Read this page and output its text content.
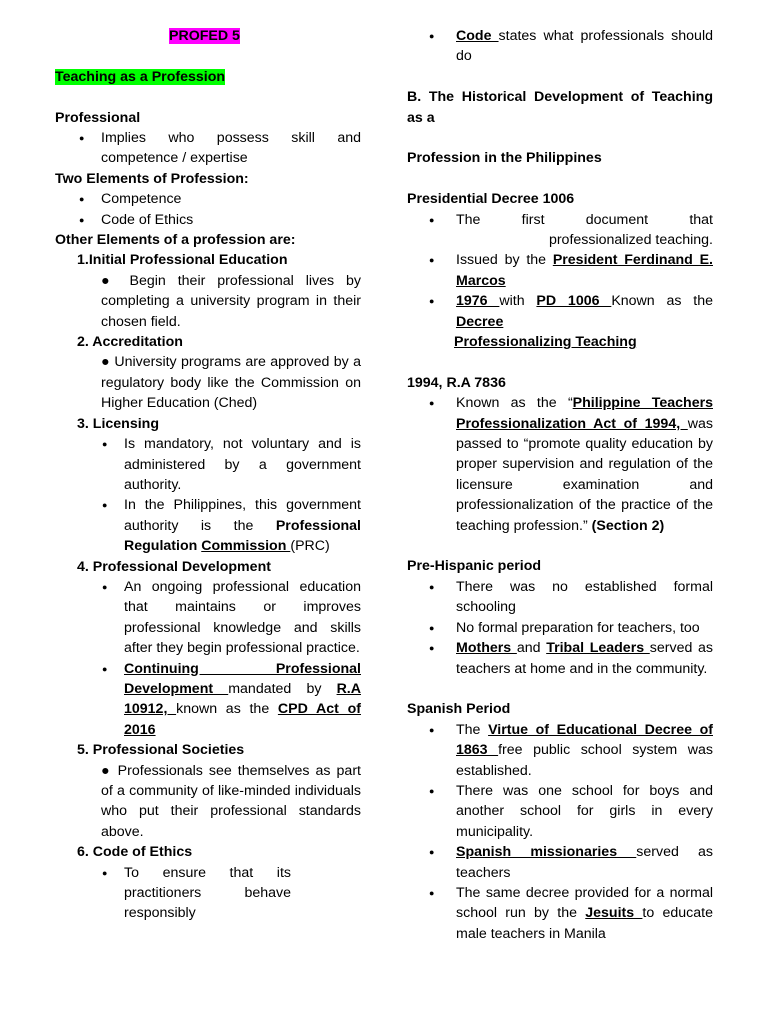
PROFED 5

Teaching as a Profession

Professional

● Implies who possess skill and competence / expertise

Two Elements of Profession:

● Competence
● Code of Ethics

Other Elements of a profession are:

1.Initial Professional Education

● Begin their professional lives by completing a university program in their chosen field.

2. Accreditation

● University programs are approved by a regulatory body like the Commission on Higher Education (Ched)

3. Licensing

● Is mandatory, not voluntary and is administered by a government authority.
● In the Philippines, this government authority is the Professional Regulation Commission (PRC)

4. Professional Development

● An ongoing professional education that maintains or improves professional knowledge and skills after they begin professional practice.
● Continuing Professional Development mandated by R.A 10912, known as the CPD Act of 2016

5. Professional Societies

● Professionals see themselves as part of a community of like-minded individuals who put their professional standards above.

6. Code of Ethics

● To ensure that its
practitioners behave
responsibly
● Code states what professionals should do

B. The Historical Development of Teaching as a

Profession in the Philippines

Presidential Decree 1006

● The first document that
professionalized teaching.
● Issued by the President Ferdinand E. Marcos
● 1976 with PD 1006 Known as the Decree

Professionalizing Teaching

1994, R.A 7836

● Known as the “Philippine Teachers Professionalization Act of 1994, was passed to “promote quality education by proper supervision and regulation of the licensure examination and professionalization of the practice of the teaching profession.” (Section 2)

Pre-Hispanic period

● There was no established formal schooling
● No formal preparation for teachers, too
● Mothers and Tribal Leaders served as teachers at home and in the community.

Spanish Period

● The Virtue of Educational Decree of 1863 free public school system was established.
● There was one school for boys and another school for girls in every municipality.
● Spanish missionaries served as teachers
● The same decree provided for a normal school run by the Jesuits to educate male teachers in Manila
